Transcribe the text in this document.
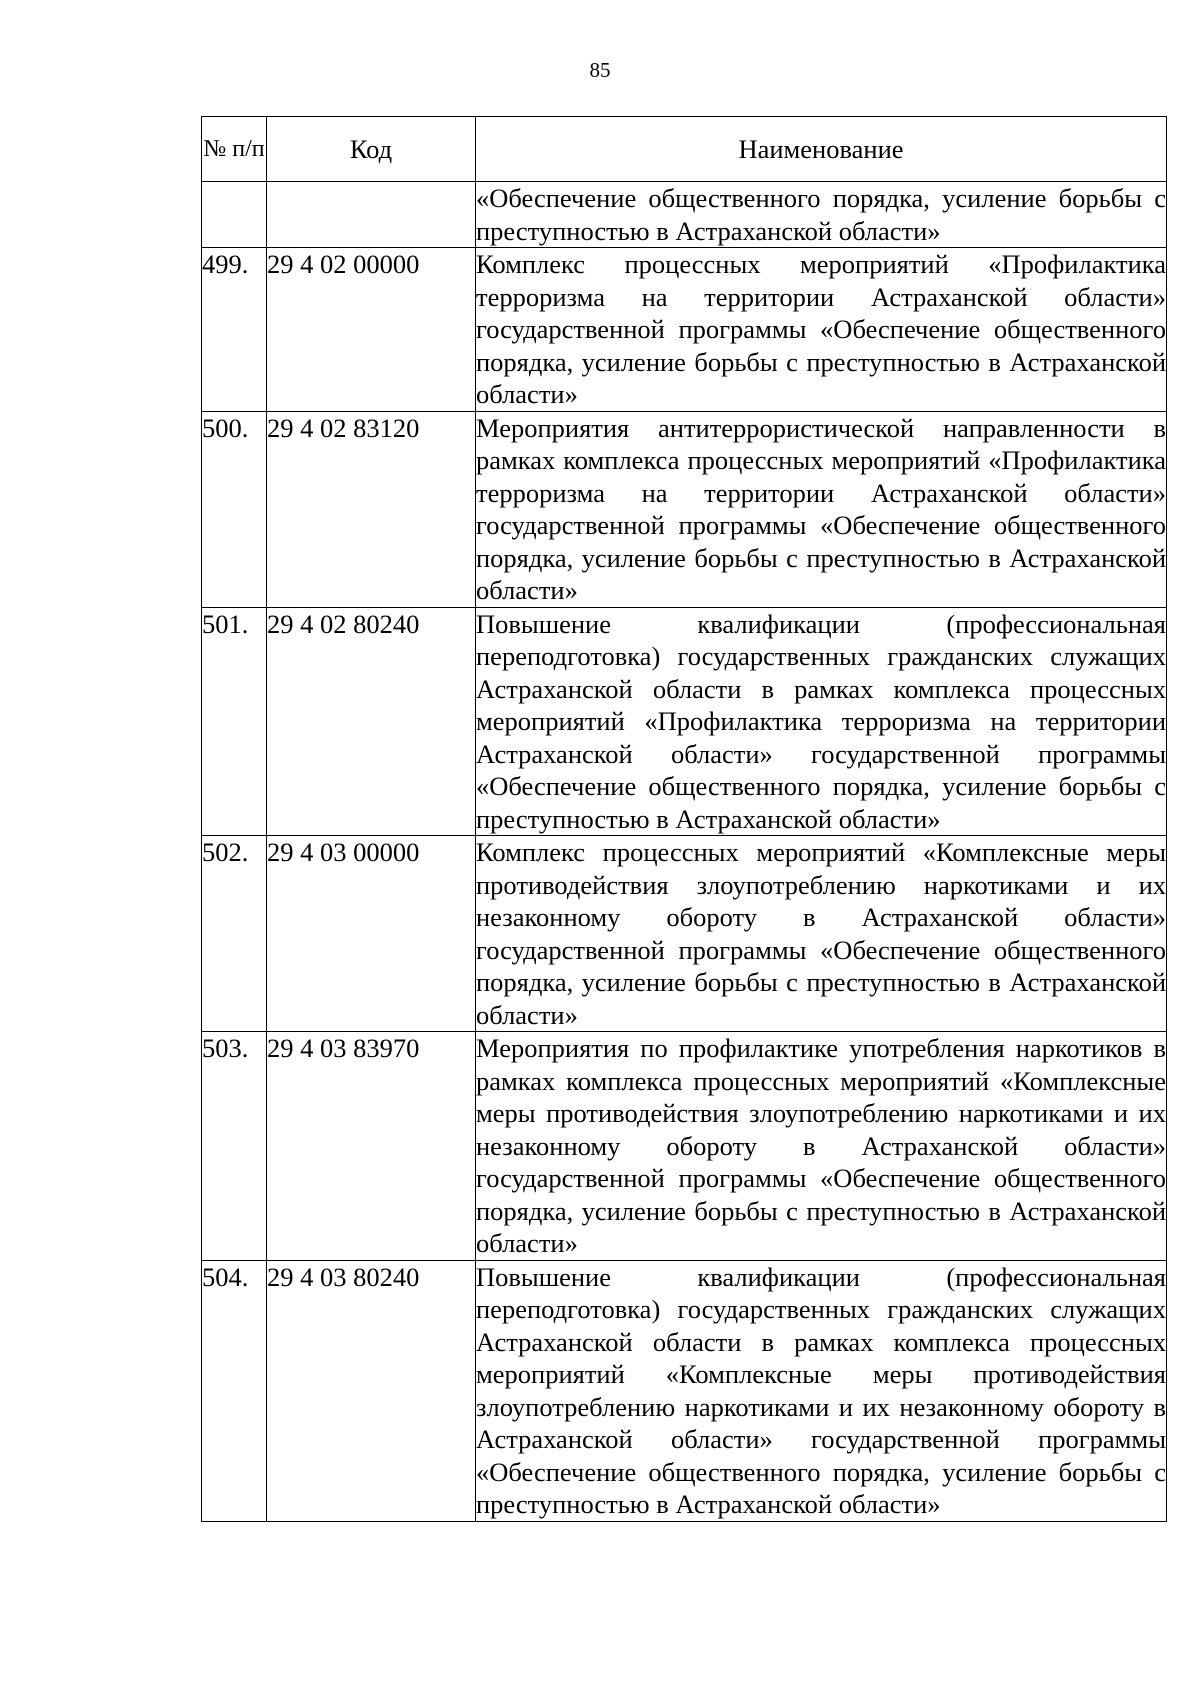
85
№ п/п	Код	Наименование
		«Обеспечение общественного порядка, усиление борьбы с преступностью в Астраханской области»
499.	29 4 02 00000	Комплекс процессных мероприятий «Профилактика терроризма на территории Астраханской области» государственной программы «Обеспечение общественного порядка, усиление борьбы с преступностью в Астраханской области»
500.	29 4 02 83120	Мероприятия антитеррористической направленности в рамках комплекса процессных мероприятий «Профилактика терроризма на территории Астраханской области» государственной программы «Обеспечение общественного порядка, усиление борьбы с преступностью в Астраханской области»
501.	29 4 02 80240	Повышение квалификации (профессиональная переподготовка) государственных гражданских служащих Астраханской области в рамках комплекса процессных мероприятий «Профилактика терроризма на территории Астраханской области» государственной программы «Обеспечение общественного порядка, усиление борьбы с преступностью в Астраханской области»
502.	29 4 03 00000	Комплекс процессных мероприятий «Комплексные меры противодействия злоупотреблению наркотиками и их незаконному обороту в Астраханской области» государственной программы «Обеспечение общественного порядка, усиление борьбы с преступностью в Астраханской области»
503.	29 4 03 83970	Мероприятия по профилактике употребления наркотиков в рамках комплекса процессных мероприятий «Комплексные меры противодействия злоупотреблению наркотиками и их незаконному обороту в Астраханской области» государственной программы «Обеспечение общественного порядка, усиление борьбы с преступностью в Астраханской области»
504.	29 4 03 80240	Повышение квалификации (профессиональная переподготовка) государственных гражданских служащих Астраханской области в рамках комплекса процессных мероприятий «Комплексные меры противодействия злоупотреблению наркотиками и их незаконному обороту в Астраханской области» государственной программы «Обеспечение общественного порядка, усиление борьбы с преступностью в Астраханской области»
